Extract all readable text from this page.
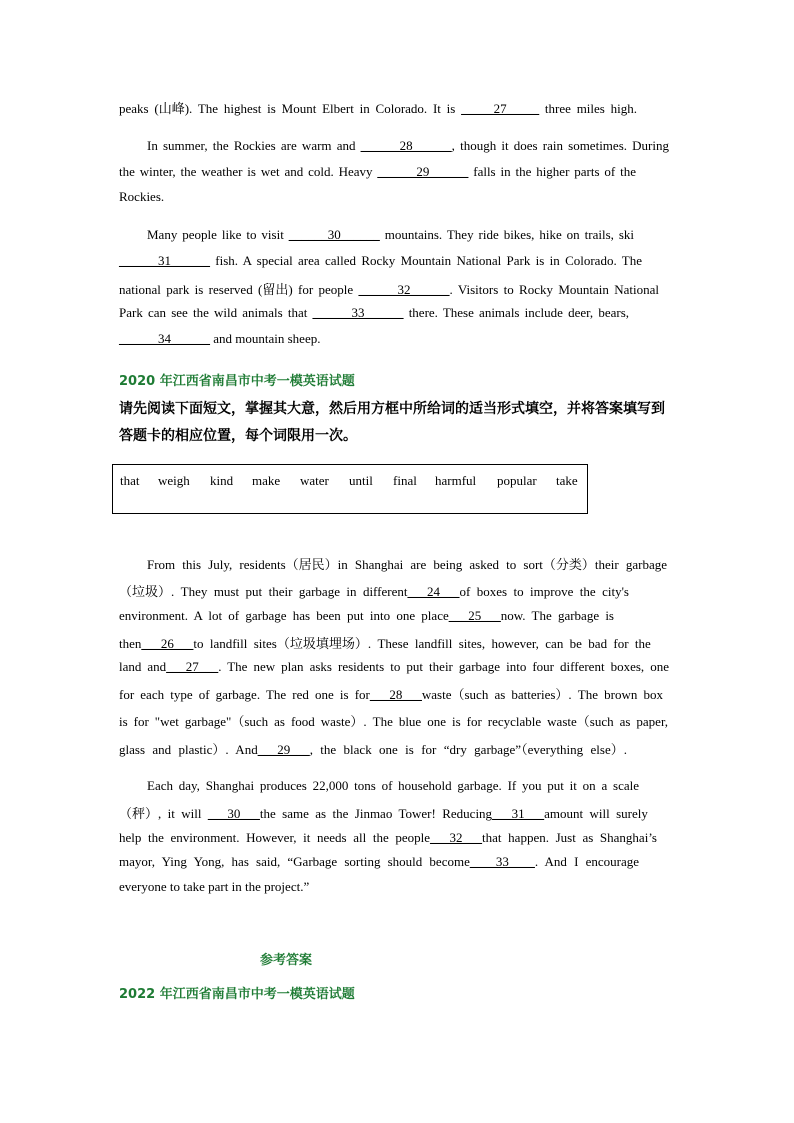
peaks (山峰). The highest is Mount Elbert in Colorado. It is _____27_____ three miles high.
In summer, the Rockies are warm and ______28______, though it does rain sometimes. During
the winter, the weather is wet and cold. Heavy ______29______ falls in the higher parts of the
Rockies.
Many people like to visit ______30______ mountains. They ride bikes, hike on trails, ski
______31______ fish. A special area called Rocky Mountain National Park is in Colorado. The
national park is reserved (留出) for people ______32______. Visitors to Rocky Mountain National
Park can see the wild animals that ______33______ there. These animals include deer, bears,
______34______ and mountain sheep.
2020 年江西省南昌市中考一模英语试题
请先阅读下面短文，掌握其大意，然后用方框中所给词的适当形式填空，并将答案填写到
答题卡的相应位置，每个词限用一次。
that weigh kind make water until final harmful popular take
From this July, residents（居民）in Shanghai are being asked to sort（分类）their garbage
（垃圾）. They must put their garbage in different___24___of boxes to improve the city's
environment. A lot of garbage has been put into one place___25___now. The garbage is
then___26___to landfill sites（垃圾填埋场）. These landfill sites, however, can be bad for the
land and___27___. The new plan asks residents to put their garbage into four different boxes, one
for each type of garbage. The red one is for___28___waste（such as batteries）. The brown box
is for "wet garbage"（such as food waste）. The blue one is for recyclable waste（such as paper,
glass and plastic）. And___29___, the black one is for “dry garbage”（everything else）.
Each day, Shanghai produces 22,000 tons of household garbage. If you put it on a scale
（秤）, it will ___30___the same as the Jinmao Tower! Reducing___31___amount will surely
help the environment. However, it needs all the people___32___that happen. Just as Shanghai’s
mayor, Ying Yong, has said, “Garbage sorting should become____33____. And I encourage
everyone to take part in the project.”
参考答案
2022 年江西省南昌市中考一模英语试题
